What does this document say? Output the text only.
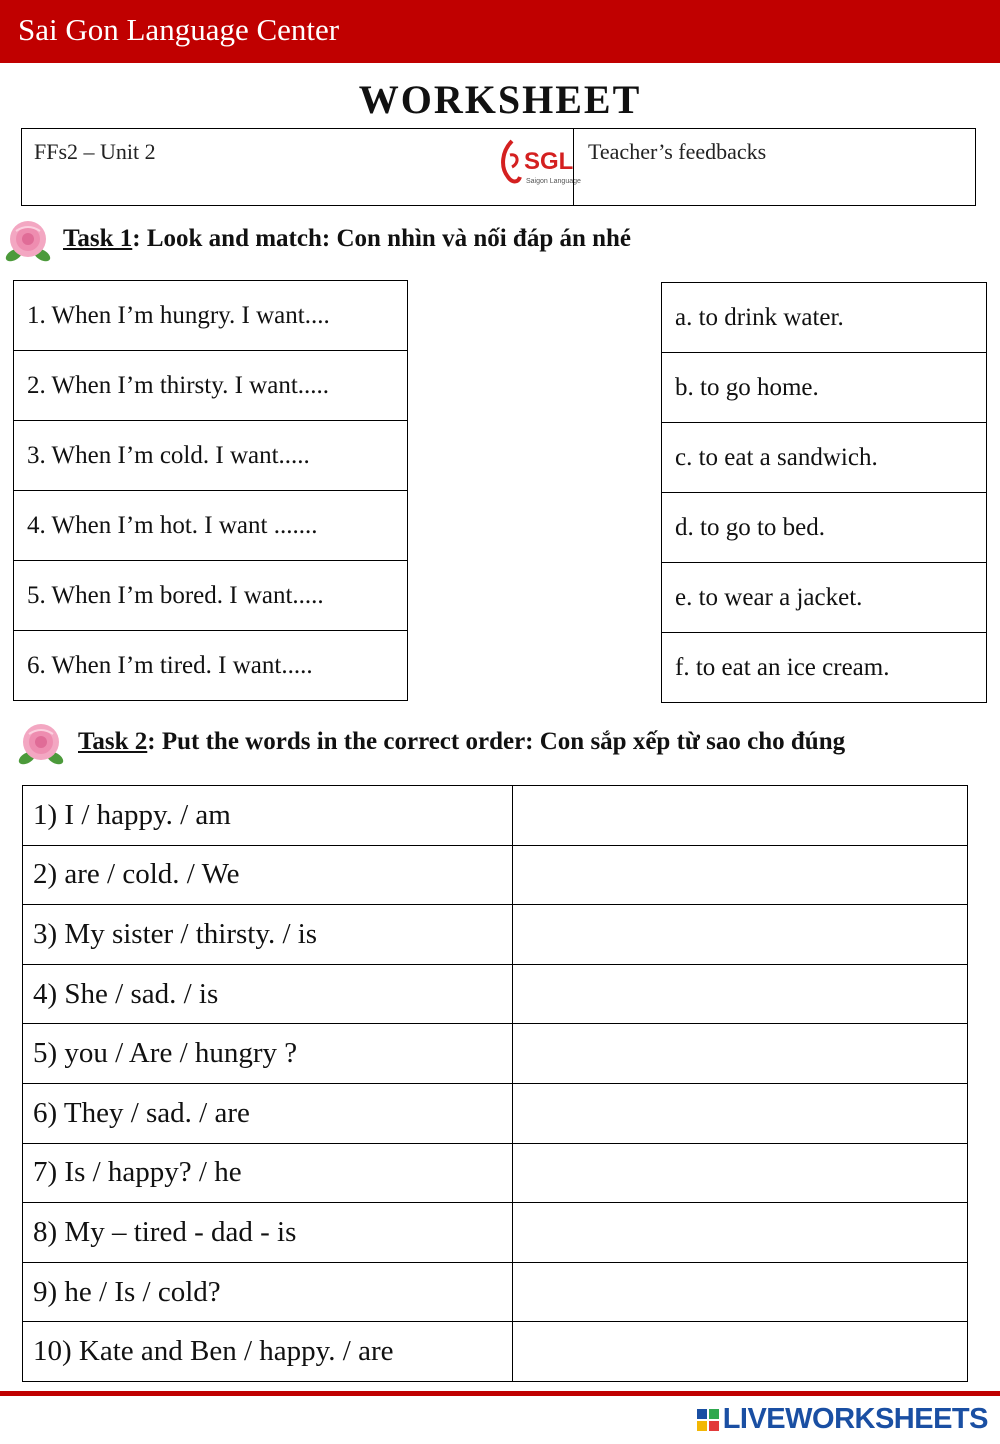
Sai Gon Language Center
WORKSHEET
FFs2 – Unit 2	SGL
Saigon Language
Teacher’s feedbacks
Task 1: Look and match: Con nhìn và nối đáp án nhé
1. When I’m hungry. I want....
2. When I’m thirsty. I want.....
3. When I’m cold. I want.....
4. When I’m hot. I want .......
5. When I’m bored. I want.....
6. When I’m tired. I want.....
a. to drink water.
b. to go home.
c. to eat a sandwich.
d. to go to bed.
e. to wear a jacket.
f. to eat an ice cream.
Task 2: Put the words in the correct order: Con sắp xếp từ sao cho đúng
1) I / happy. / am	
2) are / cold. / We	
3) My sister / thirsty. / is	
4) She / sad. / is	
5) you / Are / hungry ?	
6) They / sad. / are	
7) Is / happy? / he	
8) My – tired - dad - is	
9) he / Is / cold?	
10) Kate and Ben / happy. / are	
LIVEWORKSHEETS
